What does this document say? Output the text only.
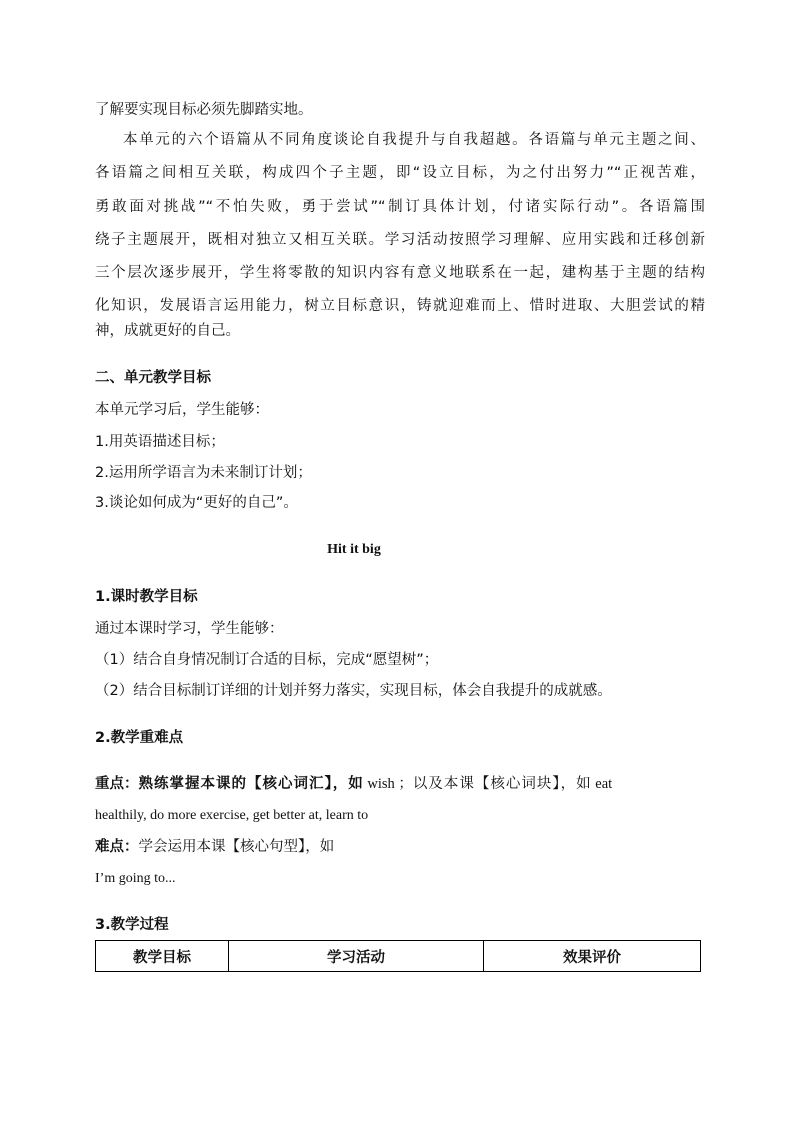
了解要实现目标必须先脚踏实地。
本单元的六个语篇从不同角度谈论自我提升与自我超越。各语篇与单元主题之间、
各语篇之间相互关联，构成四个子主题，即“设立目标，为之付出努力”“正视苦难，
勇敢面对挑战”“不怕失败，勇于尝试”“制订具体计划，付诸实际行动”。各语篇围
绕子主题展开，既相对独立又相互关联。学习活动按照学习理解、应用实践和迁移创新
三个层次逐步展开，学生将零散的知识内容有意义地联系在一起，建构基于主题的结构
化知识，发展语言运用能力，树立目标意识，铸就迎难而上、惜时进取、大胆尝试的精
神，成就更好的自己。
二、单元教学目标
本单元学习后，学生能够：
1.用英语描述目标；
2.运用所学语言为未来制订计划；
3.谈论如何成为“更好的自己”。
Hit it big
1.课时教学目标
通过本课时学习，学生能够：
（1）结合自身情况制订合适的目标，完成“愿望树”；
（2）结合目标制订详细的计划并努力落实，实现目标，体会自我提升的成就感。
2.教学重难点
重点：熟练掌握本课的【核心词汇】，如 wish ；以及本课【核心词块】，如 eat
healthily, do more exercise, get better at, learn to
难点：学会运用本课【核心句型】，如
I’m going to...
3.教学过程
教学目标	学习活动	效果评价
